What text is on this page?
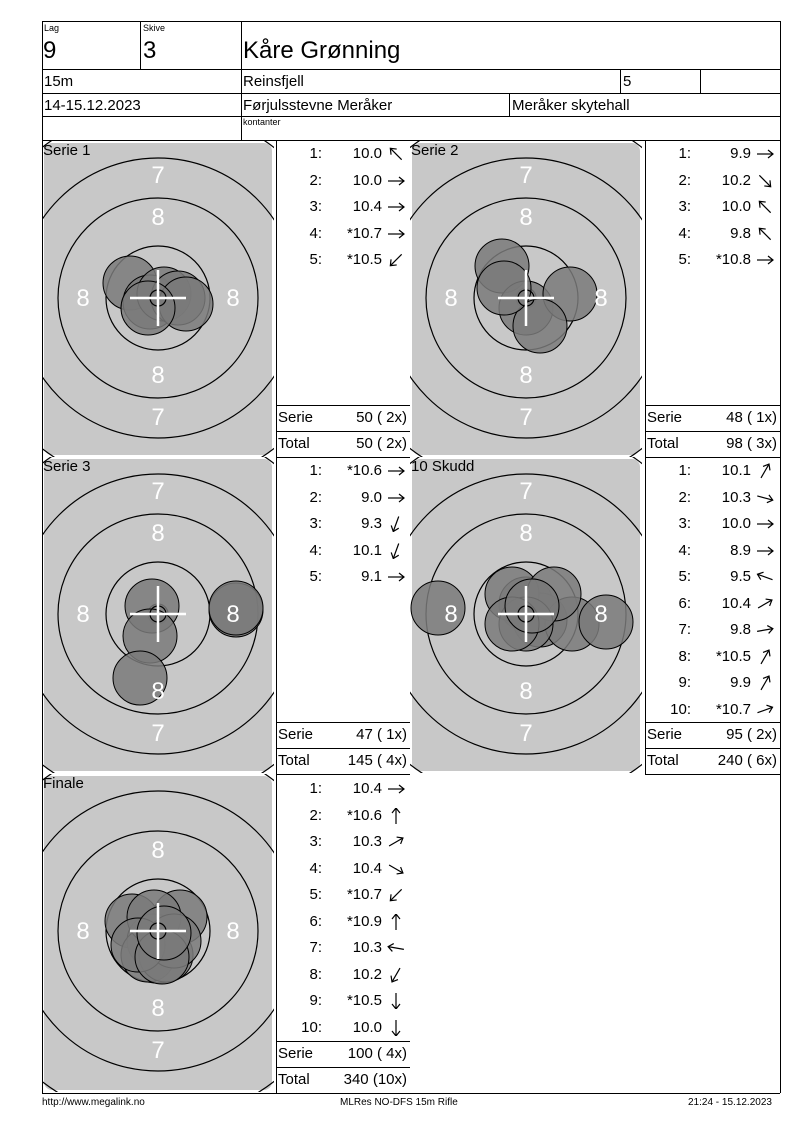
Lag
9
Skive
3	Kåre Grønning
15m	Reinsfjell	5
14-15.12.2023	Førjulsstevne Meråker	Meråker skytehall
kontanter
7
8
8	8
8
7
Serie 1	1: 10.0
2: 10.0
3: 10.4
4: *10.7
5: *10.5
Serie	50 ( 2x)
Total	50 ( 2x)
7
8
8	8
8
7
Serie 2	1:	9.9
2: 10.2
3: 10.0
4:	9.8
5: *10.8
Serie	48 ( 1x)
Total	98 ( 3x)
7
8
8	8
8
7
Serie 3	1: *10.6
2:	9.0
3:	9.3
4: 10.1
5:	9.1
Serie	47 ( 1x)
Total	145 ( 4x)
7
8
8	8
8
7
10 Skudd	1: 10.1
2: 10.3
3: 10.0
4:	8.9
5:	9.5
6: 10.4
7:	9.8
8: *10.5
9:	9.9
10: *10.7
Serie	95 ( 2x)
Total	240 ( 6x)
8
8	8
8
7
Finale	1: 10.4
2: *10.6
3: 10.3
4: 10.4
5: *10.7
6: *10.9
7: 10.3
8: 10.2
9: *10.5
10: 10.0
Serie	100 ( 4x)
Total	340 (10x)
http://www.megalink.no	MLRes NO-DFS 15m Rifle	21:24 - 15.12.2023
